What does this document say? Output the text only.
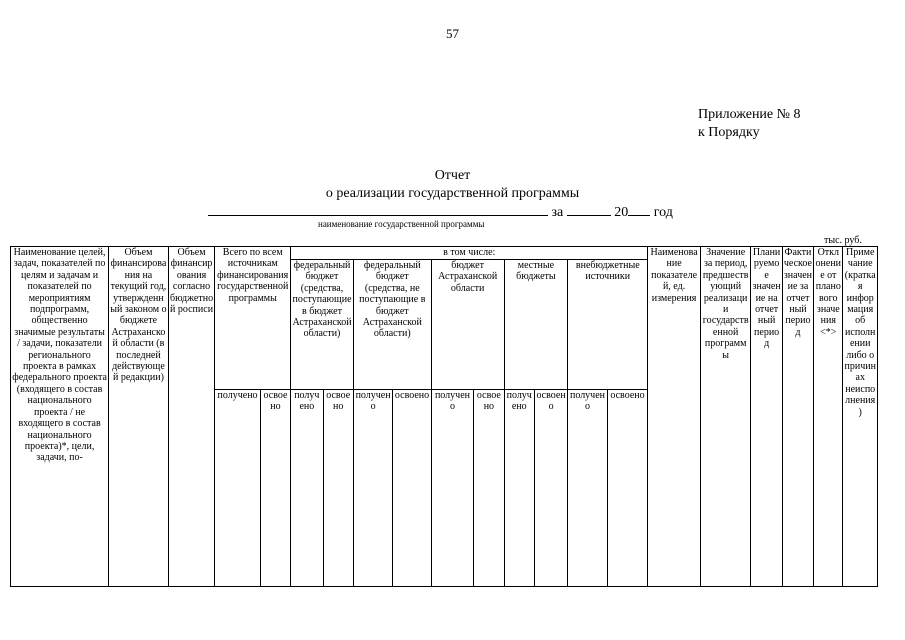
57
Приложение № 8
к Порядку
Отчет
о реализации государственной программы
за	20 год
наименование государственной программы
тыс. руб.
Наименование целей, задач, показателей по целям и задачам и показателей по мероприятиям подпрограмм, общественно значимые результаты / задачи, показатели регионального проекта в рамках федерального проекта (входящего в состав национального проекта / не входящего в состав национального проекта)*, цели, задачи, по-	Объем финансирования на текущий год, утвержденный законом о бюджете Астраханской области (в последней действующей редакции)	Объем финансирования согласно бюджетной росписи	Всего по всем источникам финансирования государственной программы		в том числе:										Наименование показателей, ед. измерения	Значение за период, предшествующий реализации государственной программы	Планируемое значение на отчетный период	Фактическое значение за отчетный период	Отклонение от планового значения <*>	Примечание (краткая информация об исполнении либо о причинах неисполнения)
					федеральный бюджет (средства, поступающие в бюджет Астраханской области)		федеральный бюджет (средства, не поступающие в бюджет Астраханской области)		бюджет Астраханской области		местные бюджеты		внебюджетные источники							
			получено	освоено	получено	освоено	получено	освоено	получено	освоено	получено	освоено	получено	освоено						
